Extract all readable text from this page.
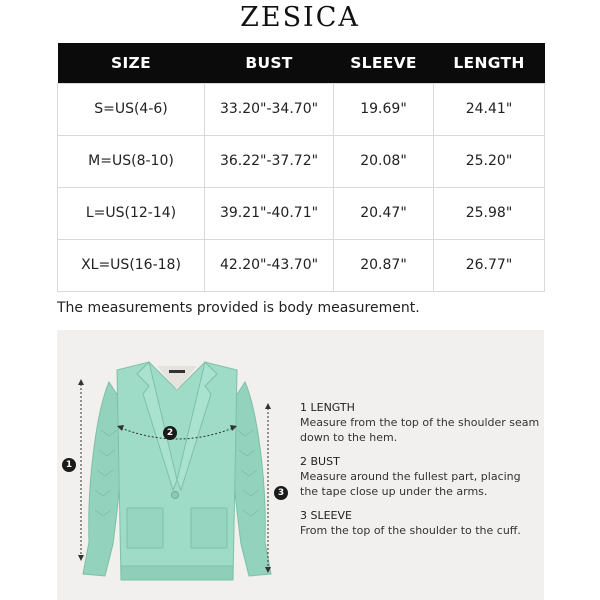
ZESICA
SIZE	BUST	SLEEVE	LENGTH
S=US(4-6)	33.20"-34.70"	19.69"	24.41"
M=US(8-10)	36.22"-37.72"	20.08"	25.20"
L=US(12-14)	39.21"-40.71"	20.47"	25.98"
XL=US(16-18)	42.20"-43.70"	20.87"	26.77"
The measurements provided is body measurement.
1
2
3
1 LENGTH
Measure from the top of the shoulder seam down to the hem.
2 BUST
Measure around the fullest part, placing the tape close up under the arms.
3 SLEEVE
From the top of the shoulder to the cuff.
